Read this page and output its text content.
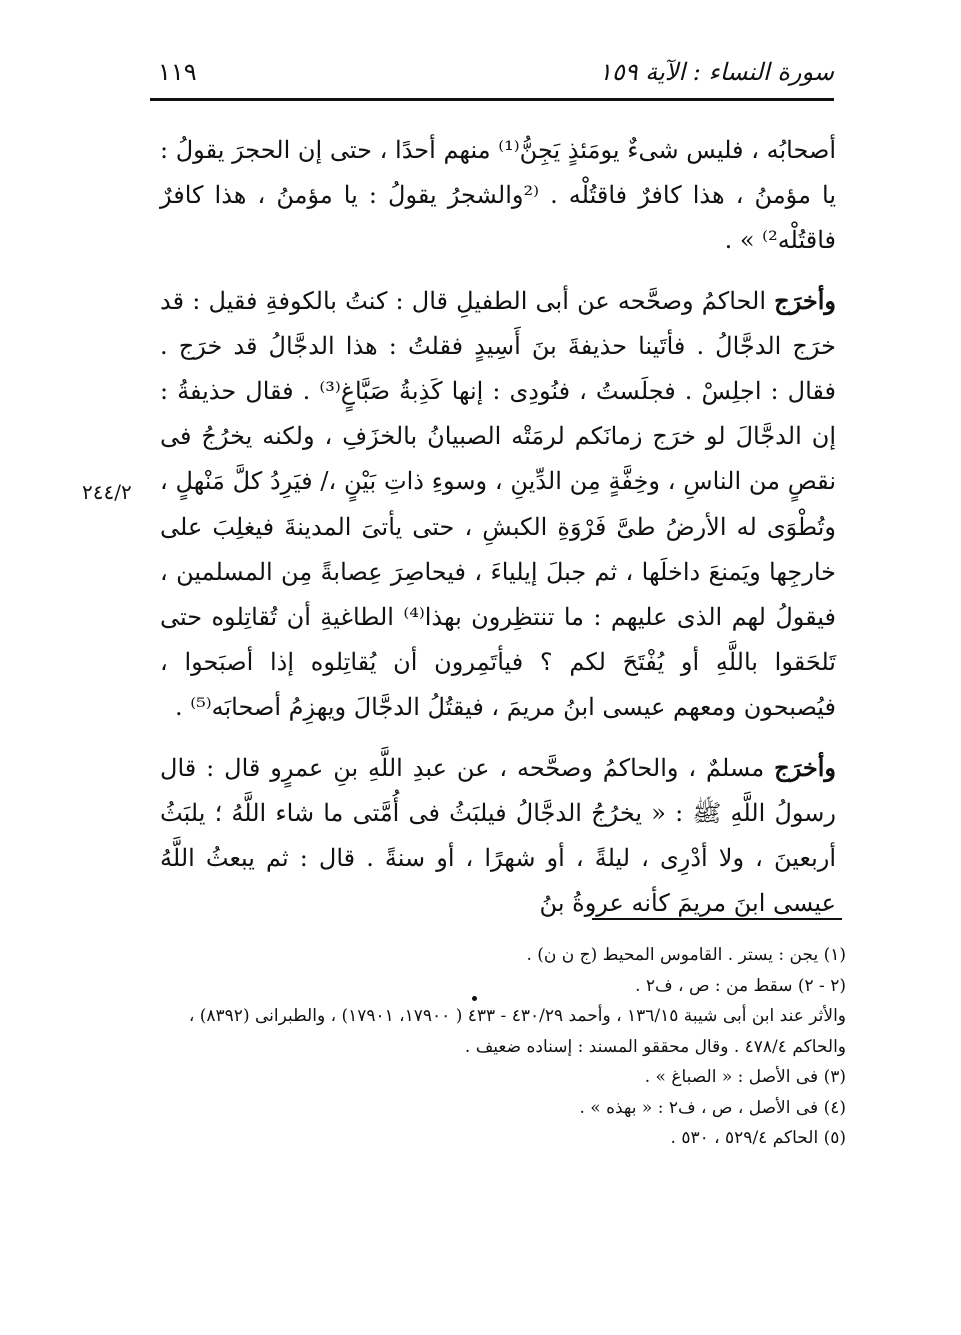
١١٩	سورة النساء : الآية ١٥٩
٢٤٤/٢

أصحابُه ، فليس شىءٌ يومَئذٍ يَجِنُّ⁽¹⁾ منهم أحدًا ، حتى إن الحجرَ يقولُ : يا مؤمنُ ، هذا كافرٌ فاقتُلْه . ⁽²والشجرُ يقولُ : يا مؤمنُ ، هذا كافرٌ فاقتُلْه²⁾ » .

وأخرَج الحاكمُ وصحَّحه عن أبى الطفيلِ قال : كنتُ بالكوفةِ فقيل : قد خرَج الدجَّالُ . فأتَينا حذيفةَ بنَ أَسِيدٍ فقلتُ : هذا الدجَّالُ قد خرَج . فقال : اجلِسْ . فجلَستُ ، فنُودِى : إنها كَذِبةُ صَبَّاغٍ⁽³⁾ . فقال حذيفةُ : إن الدجَّالَ لو خرَج زمانَكم لرمَتْه الصبيانُ بالخزَفِ ، ولكنه يخرُجُ فى نقصٍ من الناسِ ، وخِفَّةٍ مِن الدِّينِ ، وسوءِ ذاتِ بَيْنٍ ،/ فيَرِدُ كلَّ مَنْهلٍ ، وتُطْوَى له الأرضُ طىَّ فَرْوَةِ الكبشِ ، حتى يأتىَ المدينةَ فيغلِبَ على خارجِها ويَمنعَ داخلَها ، ثم جبلَ إيلياءَ ، فيحاصِرَ عِصابةً مِن المسلمين ، فيقولُ لهم الذى عليهم : ما تنتظِرون بهذا⁽⁴⁾ الطاغيةِ أن تُقاتِلوه حتى تَلحَقوا باللَّهِ أو يُفْتَحَ لكم ؟ فيأتَمِرون أن يُقاتِلوه إذا أصبَحوا ، فيُصبحون ومعهم عيسى ابنُ مريمَ ، فيقتُلُ الدجَّالَ ويهزِمُ أصحابَه⁽⁵⁾ .

وأخرَج مسلمٌ ، والحاكمُ وصحَّحه ، عن عبدِ اللَّهِ بنِ عمرٍو قال : قال رسولُ اللَّهِ ﷺ : « يخرُجُ الدجَّالُ فيلبَثُ فى أُمَّتى ما شاء اللَّهُ ؛ يلبَثُ أربعينَ ، ولا أدْرِى ، ليلةً ، أو شهرًا ، أو سنةً . قال : ثم يبعثُ اللَّهُ عيسى ابنَ مريمَ كأنه عروةُ بنُ

(١) يجن : يستر . القاموس المحيط (ج ن ن) .

(٢ - ٢) سقط من : ص ، ف٢ .

والأثر عند ابن أبى شيبة ١٣٦/١٥ ، وأحمد ٤٣٠/٢٩ - ٤٣٣ ( ١٧٩٠٠، ١٧٩٠١) ، والطبرانى (٨٣٩٢) ، والحاكم ٤٧٨/٤ . وقال محققو المسند : إسناده ضعيف .

(٣) فى الأصل : « الصباغ » .

(٤) فى الأصل ، ص ، ف٢ : « بهذه » .

(٥) الحاكم ٥٢٩/٤ ، ٥٣٠ .
